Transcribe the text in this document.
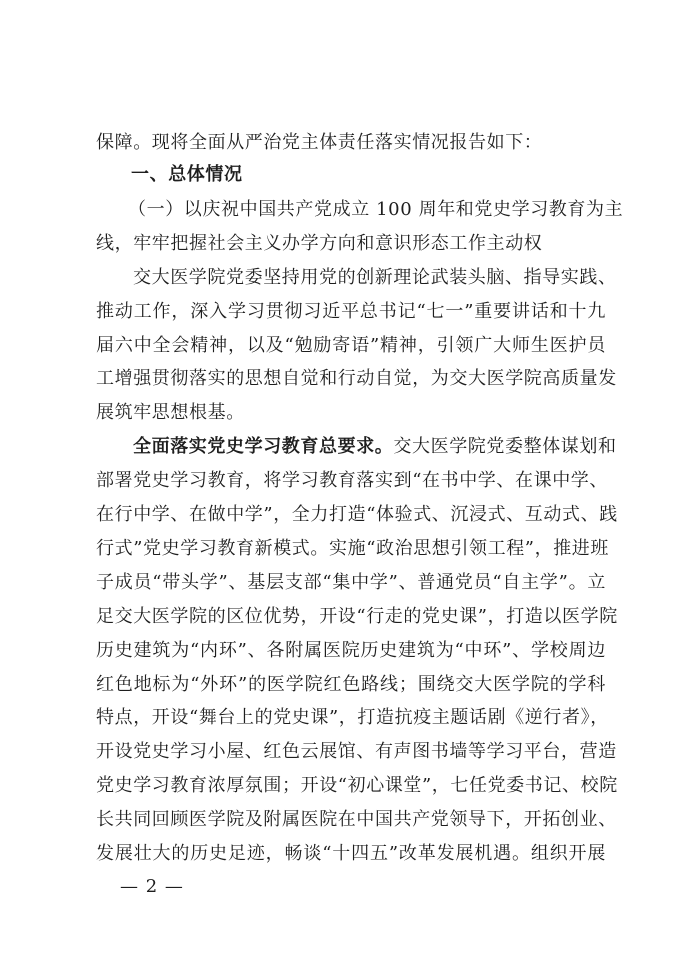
保障。现将全面从严治党主体责任落实情况报告如下：
一、总体情况
（一）以庆祝中国共产党成立 100 周年和党史学习教育为主
线，牢牢把握社会主义办学方向和意识形态工作主动权
交大医学院党委坚持用党的创新理论武装头脑、指导实践、
推动工作，深入学习贯彻习近平总书记“七一”重要讲话和十九
届六中全会精神，以及“勉励寄语”精神，引领广大师生医护员
工增强贯彻落实的思想自觉和行动自觉，为交大医学院高质量发
展筑牢思想根基。
全面落实党史学习教育总要求。 交大医学院党委整体谋划和
部署党史学习教育，将学习教育落实到“在书中学、在课中学、
在行中学、在做中学”，全力打造“体验式、沉浸式、互动式、践
行式”党史学习教育新模式。实施“政治思想引领工程”，推进班
子成员“带头学”、基层支部“集中学”、普通党员“自主学”。立
足交大医学院的区位优势，开设“行走的党史课”，打造以医学院
历史建筑为“内环”、各附属医院历史建筑为“中环”、学校周边
红色地标为“外环”的医学院红色路线；围绕交大医学院的学科
特点，开设“舞台上的党史课”，打造抗疫主题话剧《逆行者》，
开设党史学习小屋、红色云展馆、有声图书墙等学习平台，营造
党史学习教育浓厚氛围；开设“初心课堂”，七任党委书记、校院
长共同回顾医学院及附属医院在中国共产党领导下，开拓创业、
发展壮大的历史足迹，畅谈“十四五”改革发展机遇。组织开展
— 2 —
